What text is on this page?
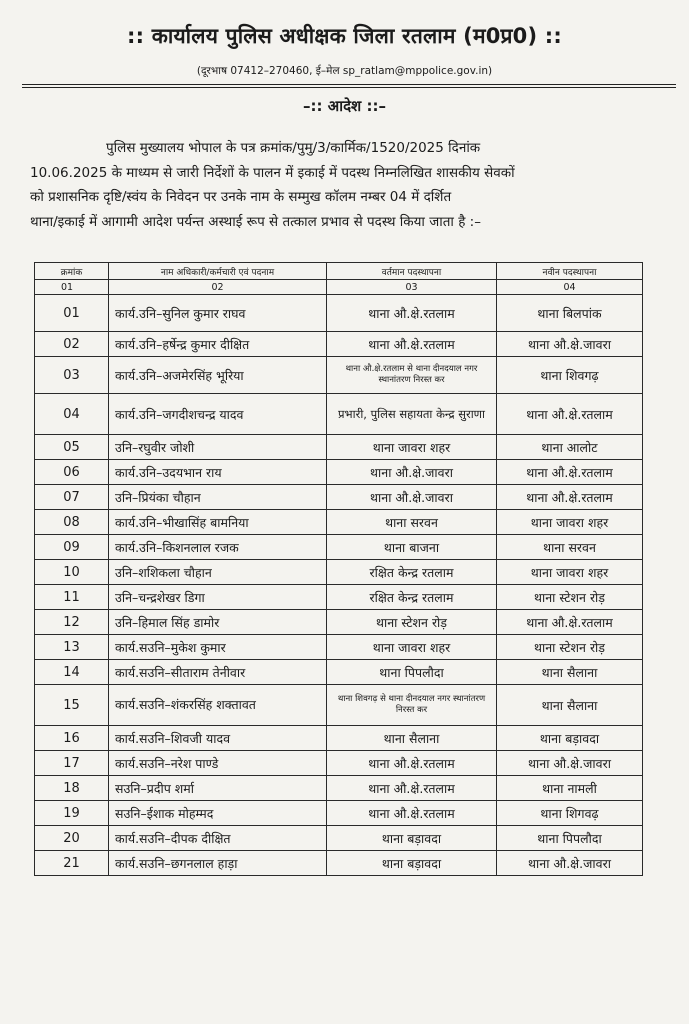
:: कार्यालय पुलिस अधीक्षक जिला रतलाम (म0प्र0) ::
(दूरभाष 07412–270460, ई–मेल sp_ratlam@mppolice.gov.in)
–:: आदेश ::–
पुलिस मुख्यालय भोपाल के पत्र क्रमांक/पुमु/3/कार्मिक/1520/2025 दिनांक
10.06.2025 के माध्यम से जारी निर्देशों के पालन में इकाई में पदस्थ निम्नलिखित शासकीय सेवकों
को प्रशासनिक दृष्टि/स्वंय के निवेदन पर उनके नाम के सम्मुख कॉलम नम्बर 04 में दर्शित
थाना/इकाई में आगामी आदेश पर्यन्त अस्थाई रूप से तत्काल प्रभाव से पदस्थ किया जाता है :–
क्रमांक	नाम अधिकारी/कर्मचारी एवं पदनाम	वर्तमान पदस्थापना	नवीन पदस्थापना
01	02	03	04
01	कार्य.उनि–सुनिल कुमार राघव	थाना औ.क्षे.रतलाम	थाना बिलपांक
02	कार्य.उनि–हर्षेन्द्र कुमार दीक्षित	थाना औ.क्षे.रतलाम	थाना औ.क्षे.जावरा
03	कार्य.उनि–अजमेरसिंह भूरिया	थाना औ.क्षे.रतलाम से थाना दीनदयाल नगर स्थानांतरण निरस्त कर	थाना शिवगढ़
04	कार्य.उनि–जगदीशचन्द्र यादव	प्रभारी, पुलिस सहायता केन्द्र सुराणा	थाना औ.क्षे.रतलाम
05	उनि–रघुवीर जोशी	थाना जावरा शहर	थाना आलोट
06	कार्य.उनि–उदयभान राय	थाना औ.क्षे.जावरा	थाना औ.क्षे.रतलाम
07	उनि–प्रियंका चौहान	थाना औ.क्षे.जावरा	थाना औ.क्षे.रतलाम
08	कार्य.उनि–भीखासिंह बामनिया	थाना सरवन	थाना जावरा शहर
09	कार्य.उनि–किशनलाल रजक	थाना बाजना	थाना सरवन
10	उनि–शशिकला चौहान	रक्षित केन्द्र रतलाम	थाना जावरा शहर
11	उनि–चन्द्रशेखर डिगा	रक्षित केन्द्र रतलाम	थाना स्टेशन रोड़
12	उनि–हिमाल सिंह डामोर	थाना स्टेशन रोड़	थाना औ.क्षे.रतलाम
13	कार्य.सउनि–मुकेश कुमार	थाना जावरा शहर	थाना स्टेशन रोड़
14	कार्य.सउनि–सीताराम तेनीवार	थाना पिपलौदा	थाना सैलाना
15	कार्य.सउनि–शंकरसिंह शक्तावत	थाना शिवगढ़ से थाना दीनदयाल नगर स्थानांतरण निरस्त कर	थाना सैलाना
16	कार्य.सउनि–शिवजी यादव	थाना सैलाना	थाना बड़ावदा
17	कार्य.सउनि–नरेश पाण्डे	थाना औ.क्षे.रतलाम	थाना औ.क्षे.जावरा
18	सउनि–प्रदीप शर्मा	थाना औ.क्षे.रतलाम	थाना नामली
19	सउनि–ईशाक मोहम्मद	थाना औ.क्षे.रतलाम	थाना शिगवढ़
20	कार्य.सउनि–दीपक दीक्षित	थाना बड़ावदा	थाना पिपलौदा
21	कार्य.सउनि–छगनलाल हाड़ा	थाना बड़ावदा	थाना औ.क्षे.जावरा
